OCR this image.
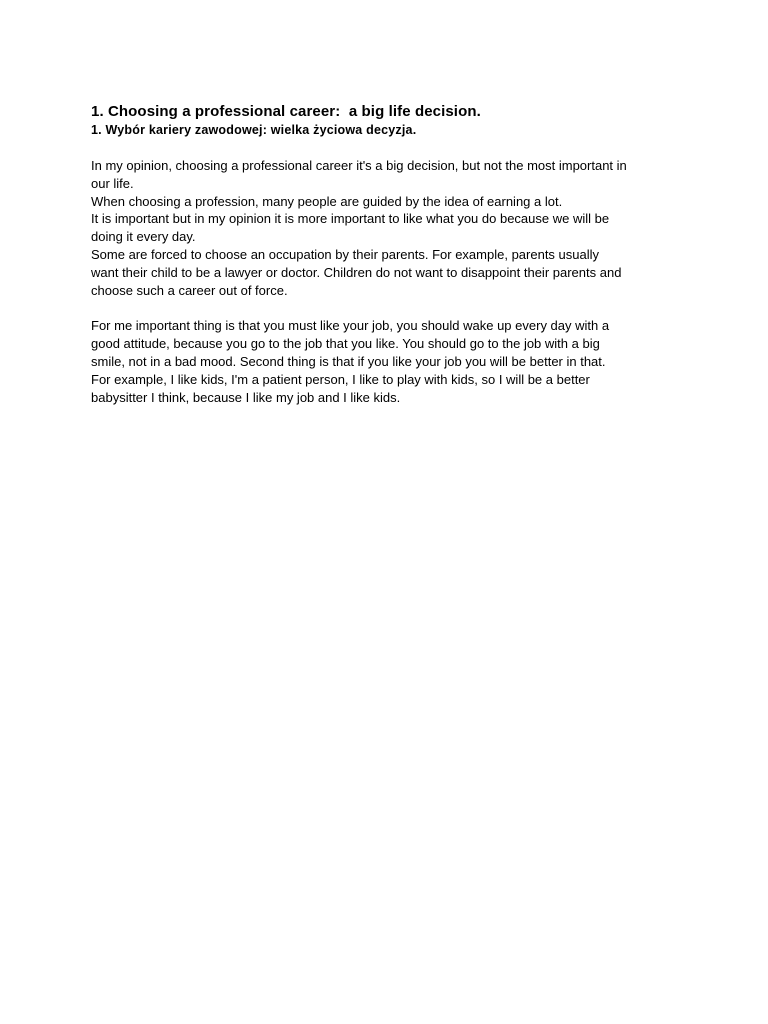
1. Choosing a professional career:  a big life decision.
1. Wybór kariery zawodowej: wielka życiowa decyzja.

In my opinion, choosing a professional career it's a big decision, but not the most important in

our life.

When choosing a profession, many people are guided by the idea of earning a lot.

It is important but in my opinion it is more important to like what you do because we will be

doing it every day.

Some are forced to choose an occupation by their parents. For example, parents usually

want their child to be a lawyer or doctor. Children do not want to disappoint their parents and

choose such a career out of force.

For me important thing is that you must like your job, you should wake up every day with a

good attitude, because you go to the job that you like. You should go to the job with a big

smile, not in a bad mood. Second thing is that if you like your job you will be better in that.

For example, I like kids, I'm a patient person, I like to play with kids, so I will be a better

babysitter I think, because I like my job and I like kids.
